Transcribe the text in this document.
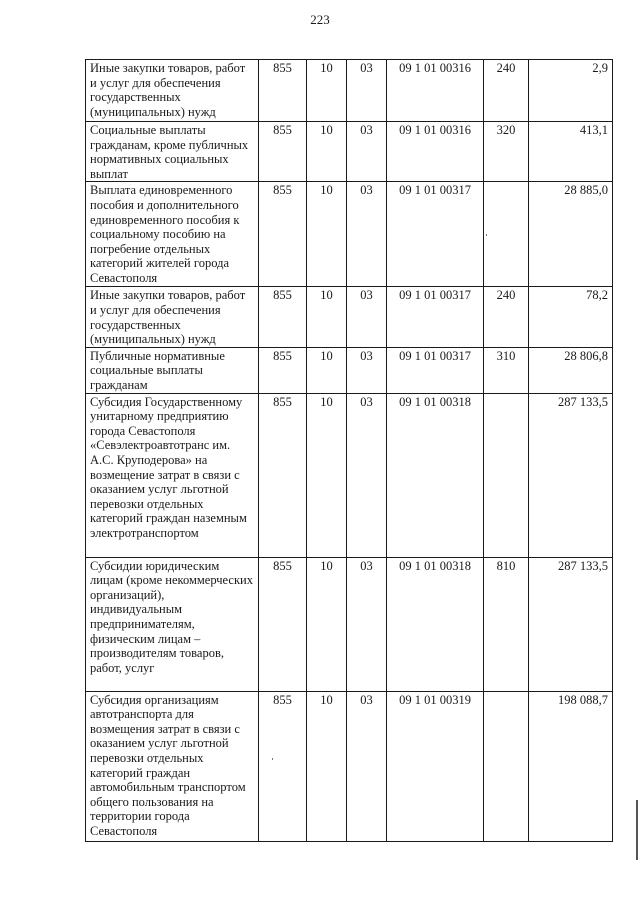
223
Иные закупки товаров, работ и услуг для обеспечения государственных (муниципальных) нужд	855	10	03	09 1 01 00316	240	2,9
Социальные выплаты гражданам, кроме публичных нормативных социальных выплат	855	10	03	09 1 01 00316	320	413,1
Выплата единовременного пособия и дополнительного единовременного пособия к социальному пособию на погребение отдельных категорий жителей города Севастополя	855	10	03	09 1 01 00317		28 885,0
Иные закупки товаров, работ и услуг для обеспечения государственных (муниципальных) нужд	855	10	03	09 1 01 00317	240	78,2
Публичные нормативные социальные выплаты гражданам	855	10	03	09 1 01 00317	310	28 806,8
Субсидия Государственному унитарному предприятию города Севастополя «Севэлектроавтотранс им. А.С. Круподерова» на возмещение затрат в связи с оказанием услуг льготной перевозки отдельных категорий граждан наземным электротранспортом	855	10	03	09 1 01 00318		287 133,5
Субсидии юридическим лицам (кроме некоммерческих организаций), индивидуальным предпринимателям, физическим лицам – производителям товаров, работ, услуг	855	10	03	09 1 01 00318	810	287 133,5
Субсидия организациям автотранспорта для возмещения затрат в связи с оказанием услуг льготной перевозки отдельных категорий граждан автомобильным транспортом общего пользования на территории города Севастополя	855	10	03	09 1 01 00319		198 088,7
